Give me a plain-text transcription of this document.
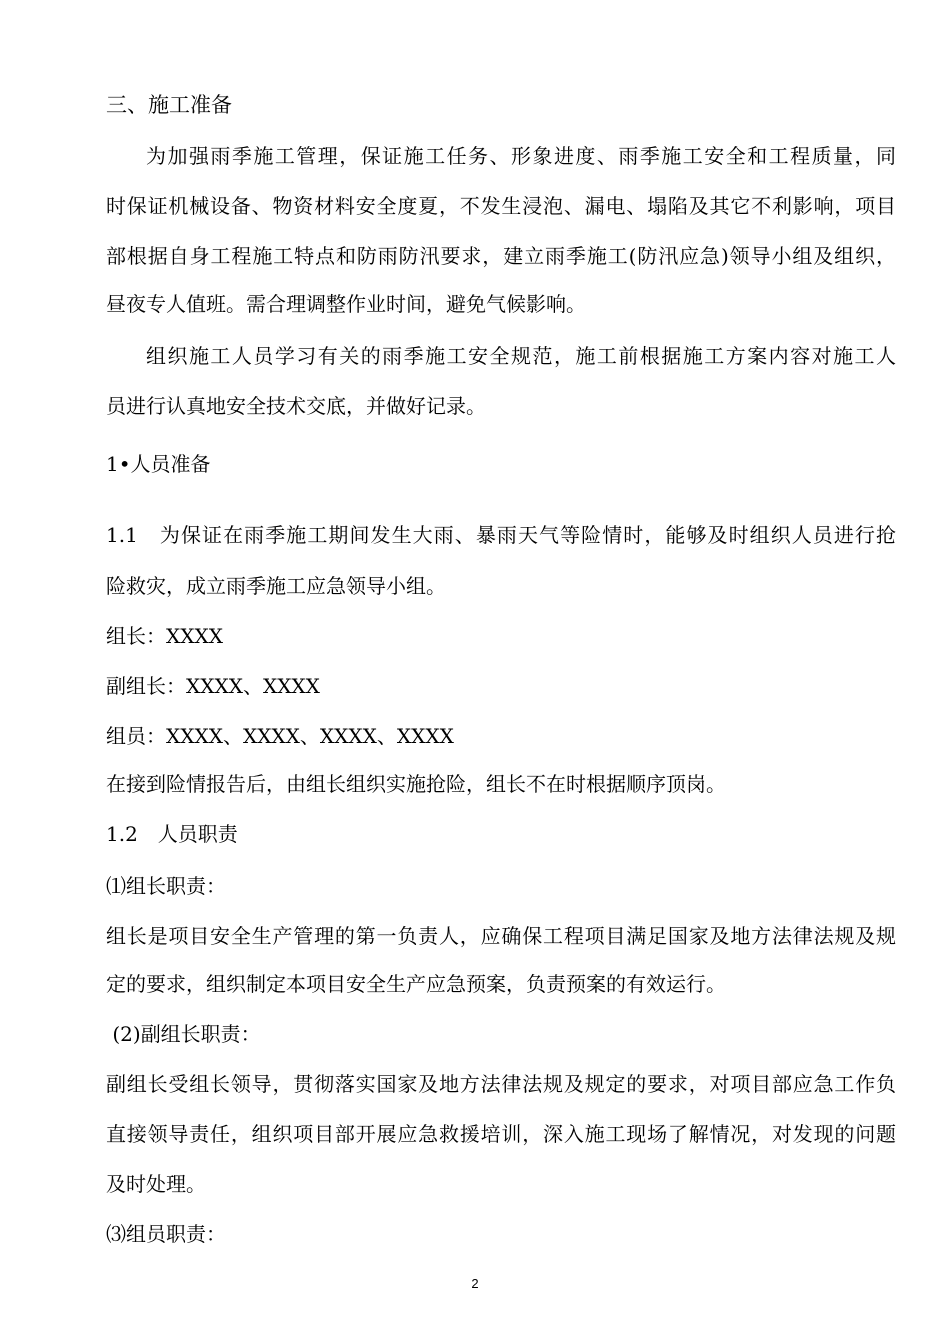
三、施工准备
为加强雨季施工管理，保证施工任务、形象进度、雨季施工安全和工程质量，同
时保证机械设备、物资材料安全度夏，不发生浸泡、漏电、塌陷及其它不利影响，项目
部根据自身工程施工特点和防雨防汛要求，建立雨季施工(防汛应急)领导小组及组织，
昼夜专人值班。需合理调整作业时间，避免气候影响。
组织施工人员学习有关的雨季施工安全规范，施工前根据施工方案内容对施工人
员进行认真地安全技术交底，并做好记录。
1•人员准备
1.1　为保证在雨季施工期间发生大雨、暴雨天气等险情时，能够及时组织人员进行抢
险救灾，成立雨季施工应急领导小组。
组长：XXXX
副组长：XXXX、XXXX
组员：XXXX、XXXX、XXXX、XXXX
在接到险情报告后，由组长组织实施抢险，组长不在时根据顺序顶岗。
1.2　人员职责
⑴组长职责：
组长是项目安全生产管理的第一负责人，应确保工程项目满足国家及地方法律法规及规
定的要求，组织制定本项目安全生产应急预案，负责预案的有效运行。
(2)副组长职责：
副组长受组长领导，贯彻落实国家及地方法律法规及规定的要求，对项目部应急工作负
直接领导责任，组织项目部开展应急救援培训，深入施工现场了解情况，对发现的问题
及时处理。
⑶组员职责：
2
